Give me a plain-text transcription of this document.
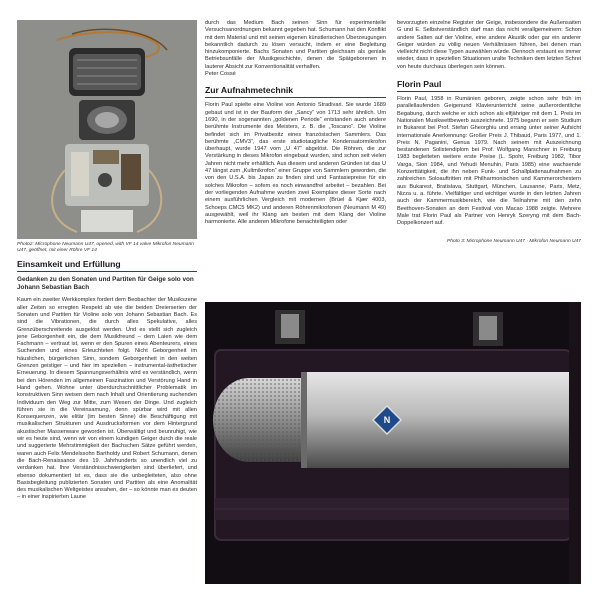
Photo2: Microphone Neumann U47, opened, with VF 14 valve Mikrofon Neumann U47, geöffnet, mit einer Röhre VF 14

Einsamkeit und Erfüllung

Gedanken zu den Sonaten und Partiten für Geige solo von Johann Sebastian Bach

Kaum ein zweiter Werkkomplex fordert dem Beobachter der Musikszene aller Zeiten so erregten Respekt ab wie die beiden Dreierserien der Sonaten und Partiten für Violine solo von Johann Sebastian Bach. Es sind die Vibrationen, die durch alles Spekulative, alles Grenzüberschreitende ausgelöst werden. Und es stellt sich zugleich jene Geborgenheit ein, die dem Musikfreund – dem Laien wie dem Fachmann – vertraut ist, wenn er den Spuren eines Abenteurers, eines Suchenden und eines Erleuchteten folgt. Nicht Geborgenheit im häuslichen, bürgerlichen Sinn, sondern Geborgenheit in den weiten Grenzen geistiger – und hier im speziellen – instrumental-ästhetischer Erneuerung. In diesem Spannungsverhältnis wird es verständlich, wenn bei den Hörenden im allgemeinen Faszination und Verstörung Hand in Hand gehen. Wohne unter überdurchschnittlicher Problematik im konstruktiven Sinn weisen dem nach Inhalt und Orientierung suchenden Individuum den Weg zur Mitte, zum Wesen der Dinge. Und zugleich führen sie in die Vereinsamung, denn spürbar wird mit allen Konsequenzen, wie elitär (im besten Sinne) die Beschäftigung mit musikalischen Strukturen und Ausdrucksformen vor dem Hintergrund akustischer Massenware geworden ist. Überwältigt und beunruhigt, wie wir es heute sind, wenn wir von einem kundigen Geiger durch die reale und suggerierte Mehrstimmigkeit der Bachschen Sätze geführt werden, waren auch Felix Mendelssohn Bartholdy und Robert Schumann, denen die Bach-Renaissance des 19. Jahrhunderts so unendlich viel zu verdanken hat. Ihre Verständnisschwierigkeiten sind überliefert, und ebenso dokumentiert ist es, dass sie die unbegleiteten, also ohne Basisbegleitung publizierten Sonaten und Partiten als eine Anomalität des musikalischen Weltgeistes ansahen, der – so könnte man es deuten – in einer inspirierten Laune

durch das Medium Bach seinen Sinn für experimentelle Versuchsanordnungen bekannt gegeben hat. Schumann hat den Konflikt mit dem Material und mit seinen eigenen künstlerischen Überzeugungen bekanntlich dadurch zu lösen versucht, indem er eine Begleitung hinzukomponierte. Bachs Sonaten und Partiten gleichsam als geniale Betriebsunfälle der Musikgeschichte, denen die Spätgeborenen in lauterer Absicht zur Konventionalität verhalfen.

Peter Cossé

Zur Aufnahmetechnik

Florin Paul spielte eine Violine von Antonio Stradivari. Sie wurde 1689 gebaut und ist in der Bauform der „Sancy“ von 1713 sehr ähnlich. Um 1690, in der sogenannten „goldenen Periode“ entstanden auch andere berühmte Instrumente des Meisters, z. B. die „Toscano“. Die Violine befindet sich im Privatbesitz eines französischen Sammlers. Das berühmte „CMV3“, das erste studiotaugliche Kondensatormikrofon überhaupt, wurde 1947 vom „U 47“ abgelöst. Die Röhren, die zur Verstärkung in dieses Mikrofon eingebaut wurden, sind schon seit vielen Jahren nicht mehr erhältlich. Aus diesem und anderen Gründen ist das U 47 längst zum „Kultmikrofon“ einer Gruppe von Sammlern geworden, die von den U.S.A. bis Japan zu finden sind und Fantasiepreise für ein solches Mikrofon – sofern es noch einwandfrei arbeitet – bezahlen. Bei der vorliegenden Aufnahme wurden zwei Exemplare dieser Sorte nach einem ausführlichen Vergleich mit modernen (Brüel & Kjær 4003, Schoeps CMC5 MK2) und anderen Röhrenmikrofonen (Neumann M 49) ausgewählt, weil ihr Klang am besten mit dem Klang der Violine harmonierte. Alle anderen Mikrofone benachteiligten oder

bevorzugten einzelne Register der Geige, insbesondere die Außensaiten G und E. Selbstverständlich darf man das nicht verallgemeinern: Schon andere Saiten auf der Violine, eine andere Akustik oder gar ein anderer Geiger würden zu völlig neuen Verhältnissen führen, bei denen man vielleicht nicht diese Typen auswählen würde. Dennoch erstaunt es immer wieder, dass in speziellen Situationen uralte Techniken dem letzten Schrei von heute durchaus überlegen sein können.

Florin Paul

Florin Paul, 1958 in Rumänien geboren, zeigte schon sehr früh im parallellaufenden Geigenund Klavierunterricht seine außerordentliche Begabung, durch welche er sich schon als elfjähriger mit dem 1. Preis im Nationalen Musikwettbewerb auszeichnete. 1975 begann er sein Studium in Bukarest bei Prof. Stefan Gheorghiu und errang unter seiner Aufsicht internationale Anerkennung: Großer Preis J. Thibaud, Paris 1977, und 1. Preis N. Paganini, Genua 1979. Nach seinem mit Auszeichnung bestandenen Solistendiplom bei Prof. Wolfgang Marschner in Freiburg 1983 begleiteten weitere erste Preise (L. Spohr, Freiburg 1982, Tibor Varga, Sion 1984, und Yehudi Menuhin, Paris 1985) eine wachsende Konzerttätigkeit, die ihn neben Funk- und Schallplattenaufnahmen zu zahlreichen Soloauftritten mit Philharmonischen und Kammerorchestern aus Bukarest, Bratislava, Stuttgart, München, Lausanne, Paris, Metz, Nizza u. a. führte. Vielfältiger und wichtiger wurde in den letzten Jahren auch der Kammermusikbereich, wie die Teilnahme mit den zehn Beethoven-Sonaten an dem Festival von Macao 1988 zeigte. Mehrere Male trat Florin Paul als Partner von Henryk Szeryng mit dem Bach-Doppelkonzert auf.

Photo 3: Microphone Neumann U47 · Mikrofon Neumann U47

N
